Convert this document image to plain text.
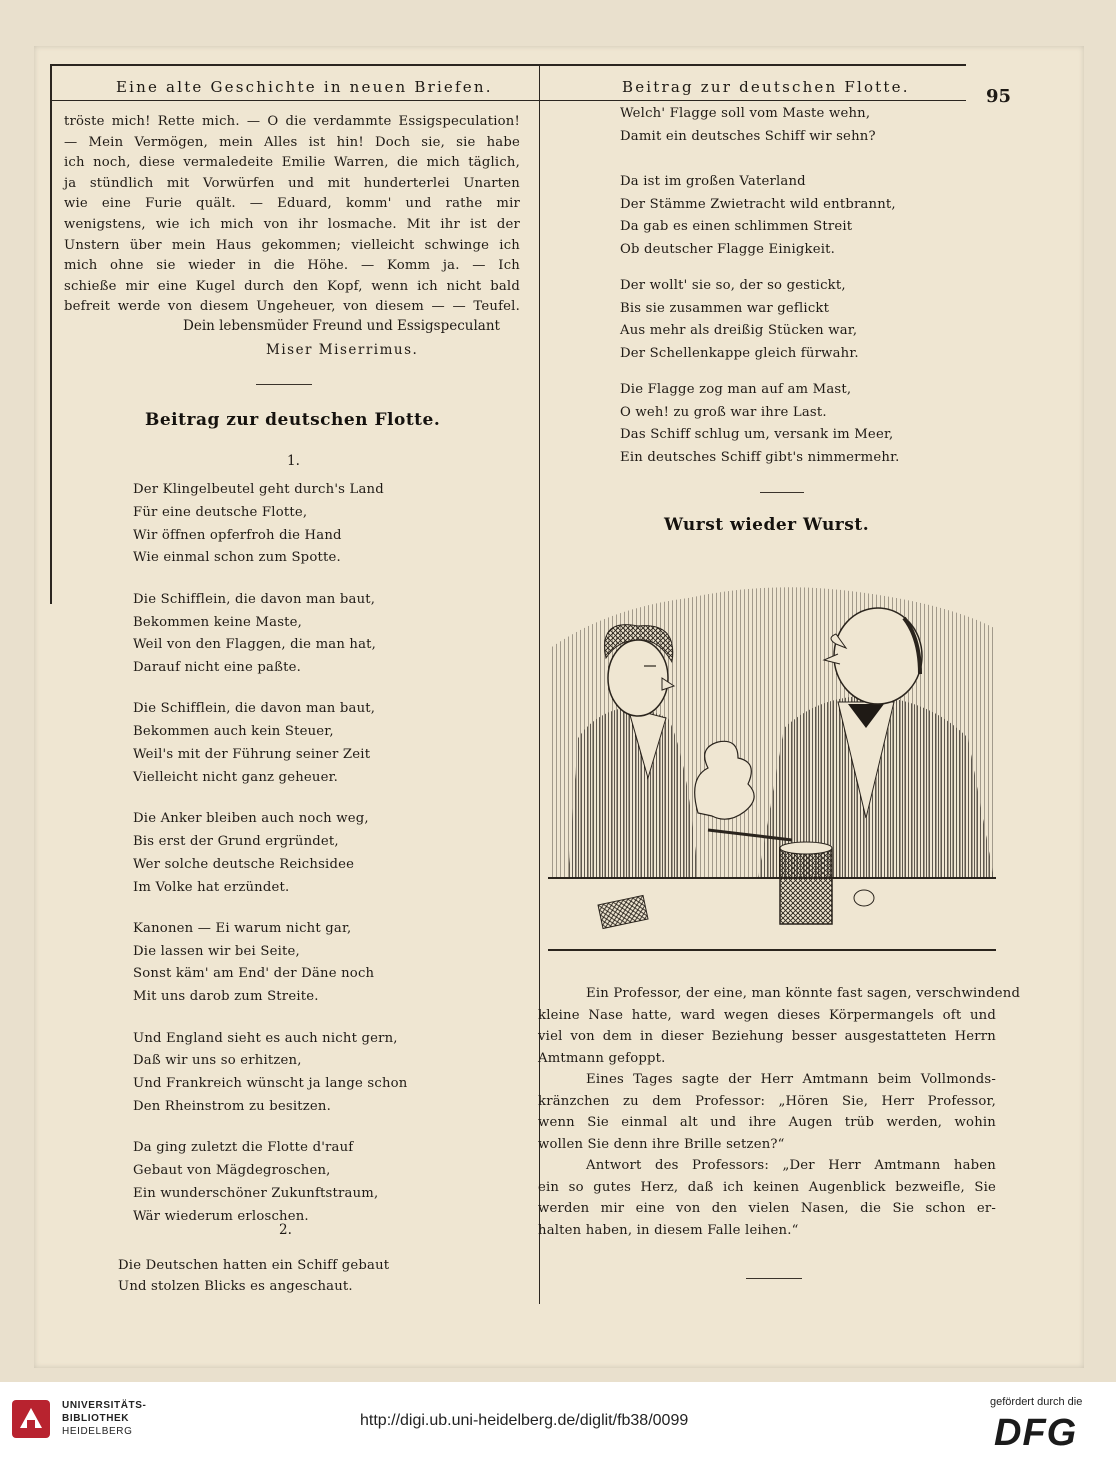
Eine alte Geschichte in neuen Briefen.	Beitrag zur deutschen Flotte.	95
Dein lebensmüder Freund und Essigspeculant
Miser Miserrimus.
Beitrag zur deutschen Flotte.
1.
2.
Wurst wieder Wurst.
tröste mich! Rette mich. — O die verdammte Essigspeculation!
— Mein Vermögen, mein Alles ist hin! Doch sie, sie habe
ich noch, diese vermaledeite Emilie Warren, die mich täglich,
ja stündlich mit Vorwürfen und mit hunderterlei Unarten
wie eine Furie quält. — Eduard, komm' und rathe mir
wenigstens, wie ich mich von ihr losmache. Mit ihr ist der
Unstern über mein Haus gekommen; vielleicht schwinge ich
mich ohne sie wieder in die Höhe. — Komm ja. — Ich
schieße mir eine Kugel durch den Kopf, wenn ich nicht bald
befreit werde von diesem Ungeheuer, von diesem — — Teufel.
Der Klingelbeutel geht durch's Land
Für eine deutsche Flotte,
Wir öffnen opferfroh die Hand
Wie einmal schon zum Spotte.
Die Schifflein, die davon man baut,
Bekommen keine Maste,
Weil von den Flaggen, die man hat,
Darauf nicht eine paßte.
Die Schifflein, die davon man baut,
Bekommen auch kein Steuer,
Weil's mit der Führung seiner Zeit
Vielleicht nicht ganz geheuer.
Die Anker bleiben auch noch weg,
Bis erst der Grund ergründet,
Wer solche deutsche Reichsidee
Im Volke hat erzündet.
Kanonen — Ei warum nicht gar,
Die lassen wir bei Seite,
Sonst käm' am End' der Däne noch
Mit uns darob zum Streite.
Und England sieht es auch nicht gern,
Daß wir uns so erhitzen,
Und Frankreich wünscht ja lange schon
Den Rheinstrom zu besitzen.
Da ging zuletzt die Flotte d'rauf
Gebaut von Mägdegroschen,
Ein wunderschöner Zukunftstraum,
Wär wiederum erloschen.
Die Deutschen hatten ein Schiff gebaut
Und stolzen Blicks es angeschaut.
Welch' Flagge soll vom Maste wehn,
Damit ein deutsches Schiff wir sehn?
Da ist im großen Vaterland
Der Stämme Zwietracht wild entbrannt,
Da gab es einen schlimmen Streit
Ob deutscher Flagge Einigkeit.
Der wollt' sie so, der so gestickt,
Bis sie zusammen war geflickt
Aus mehr als dreißig Stücken war,
Der Schellenkappe gleich fürwahr.
Die Flagge zog man auf am Mast,
O weh! zu groß war ihre Last.
Das Schiff schlug um, versank im Meer,
Ein deutsches Schiff gibt's nimmermehr.
Ein Professor, der eine, man könnte fast sagen, verschwindend
kleine Nase hatte, ward wegen dieses Körpermangels oft und
viel von dem in dieser Beziehung besser ausgestatteten Herrn
Amtmann gefoppt.
Eines Tages sagte der Herr Amtmann beim Vollmonds-
kränzchen zu dem Professor: „Hören Sie, Herr Professor,
wenn Sie einmal alt und ihre Augen trüb werden, wohin
wollen Sie denn ihre Brille setzen?“
Antwort des Professors: „Der Herr Amtmann haben
ein so gutes Herz, daß ich keinen Augenblick bezweifle, Sie
werden mir eine von den vielen Nasen, die Sie schon er-
halten haben, in diesem Falle leihen.“
UNIVERSITÄTS-
BIBLIOTHEK
HEIDELBERG
http://digi.ub.uni-heidelberg.de/diglit/fb38/0099
gefördert durch die
DFG
